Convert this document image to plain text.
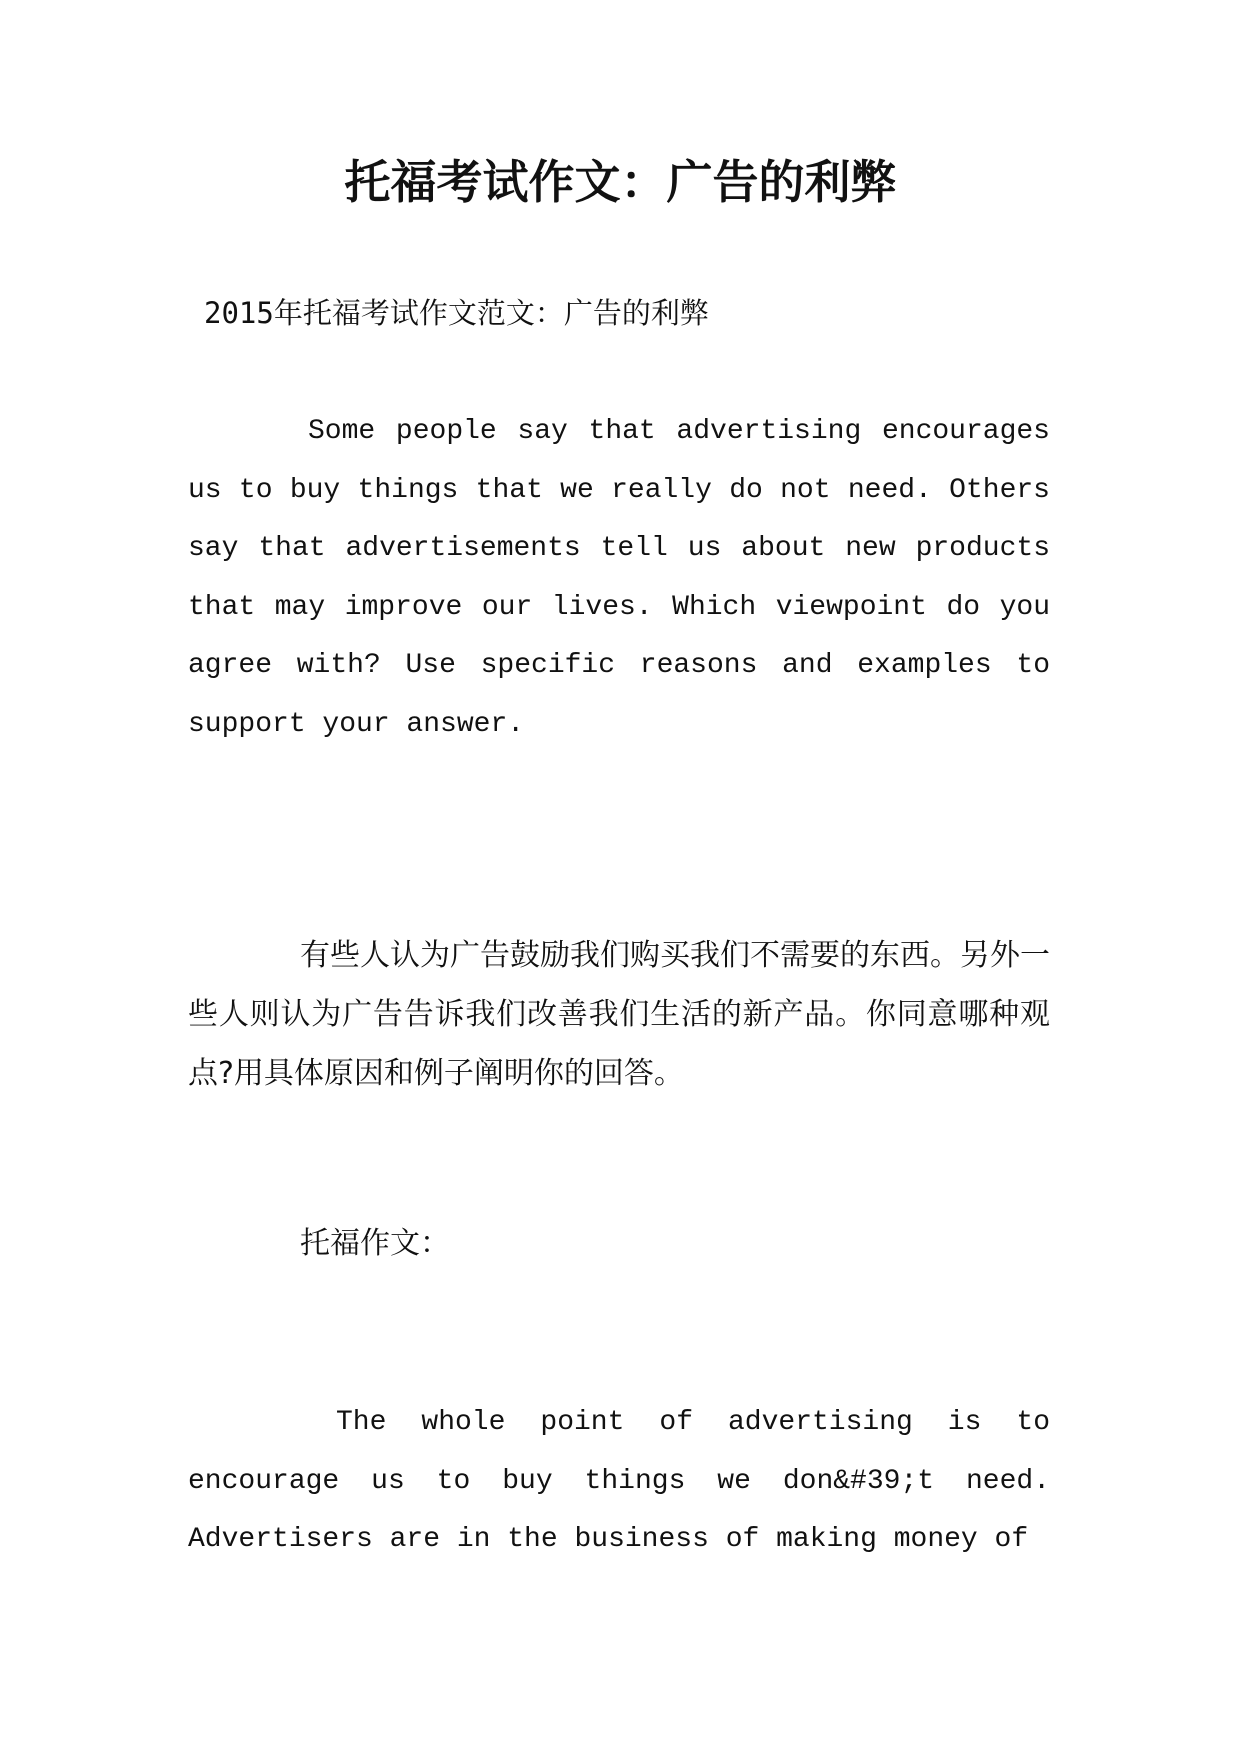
托福考试作文：广告的利弊

2015年托福考试作文范文：广告的利弊

Some people say that advertising encourages us to buy things that we really do not need. Others say that advertisements tell us about new products that may improve our lives. Which viewpoint do you agree with? Use specific reasons and examples to support your answer.

有些人认为广告鼓励我们购买我们不需要的东西。另外一些人则认为广告告诉我们改善我们生活的新产品。你同意哪种观点?用具体原因和例子阐明你的回答。

托福作文：

The whole point of advertising is to encourage us to buy things we don&#39;t need. Advertisers are in the business of making money of
